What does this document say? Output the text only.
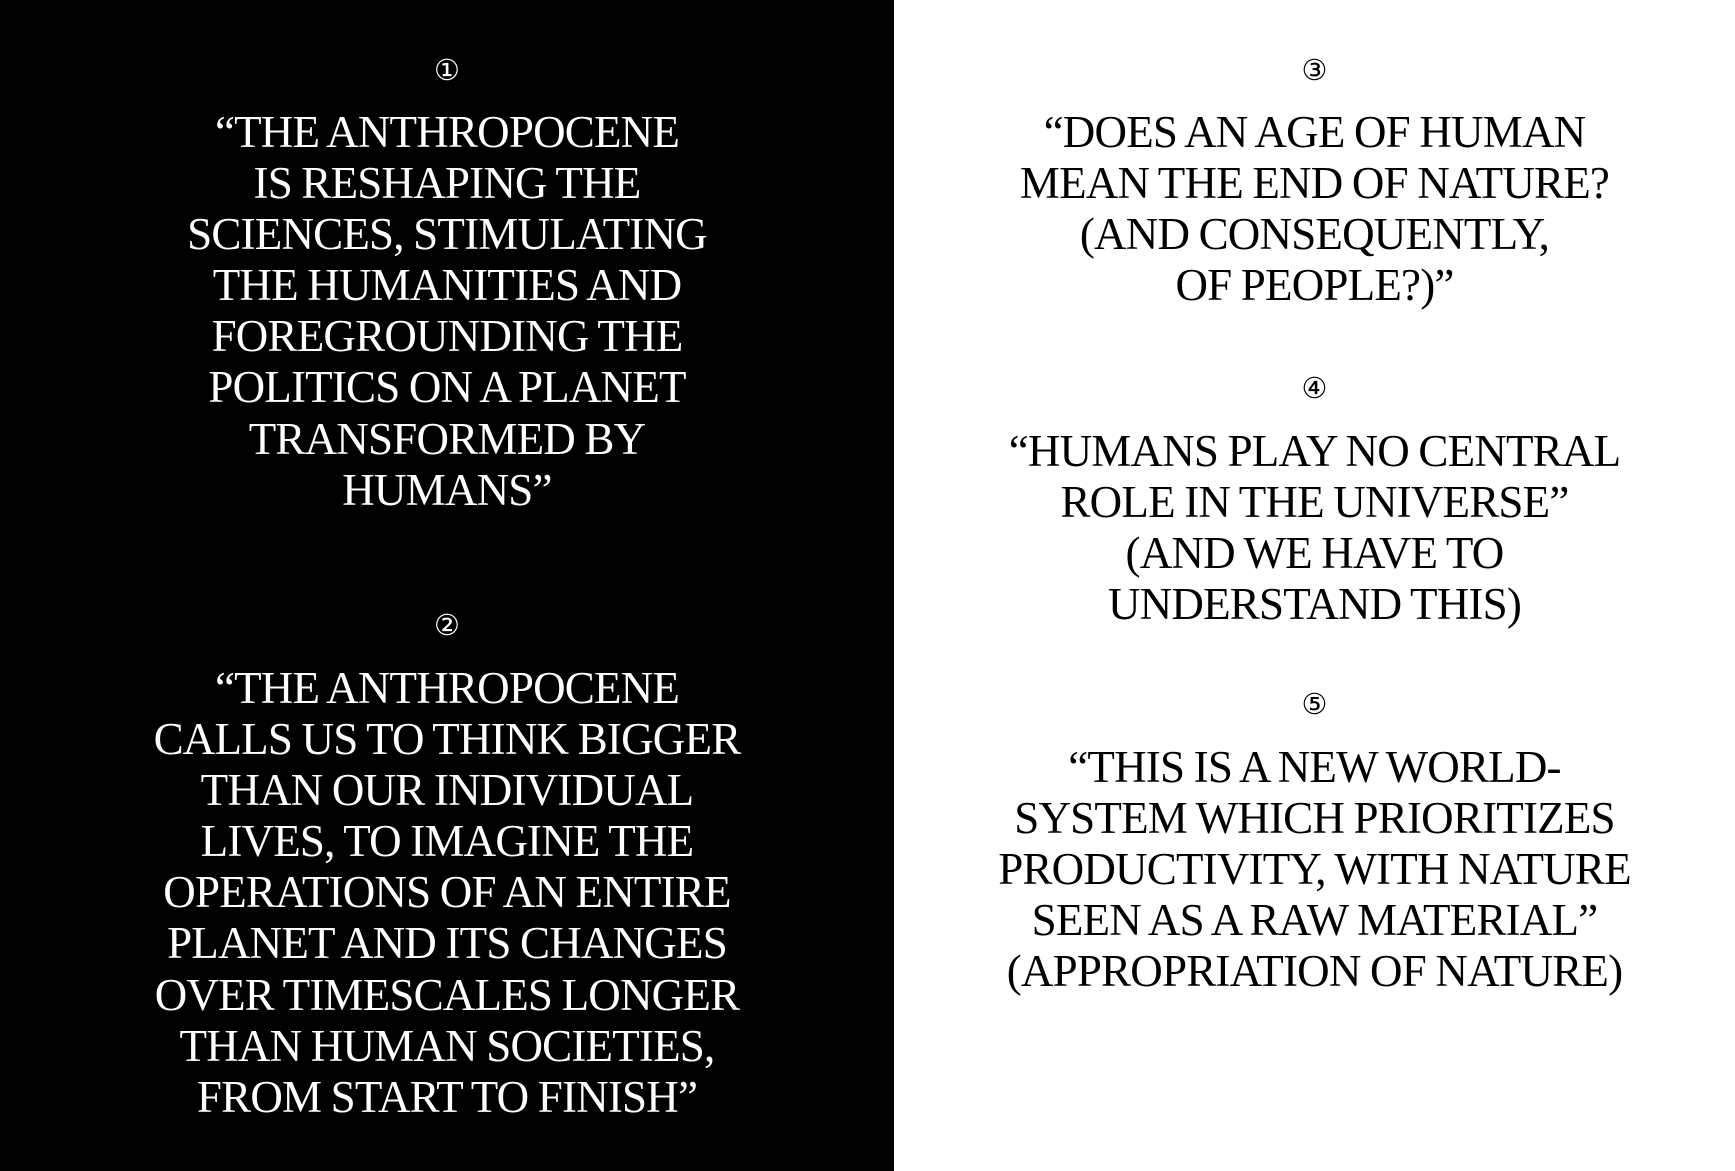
①

“THE ANTHROPOCENE
IS RESHAPING THE
SCIENCES, STIMULATING
THE HUMANITIES AND
FOREGROUNDING THE
POLITICS ON A PLANET
TRANSFORMED BY
HUMANS”

②

“THE ANTHROPOCENE
CALLS US TO THINK BIGGER
THAN OUR INDIVIDUAL
LIVES, TO IMAGINE THE
OPERATIONS OF AN ENTIRE
PLANET AND ITS CHANGES
OVER TIMESCALES LONGER
THAN HUMAN SOCIETIES,
FROM START TO FINISH”

③

“DOES AN AGE OF HUMAN
MEAN THE END OF NATURE?
(AND CONSEQUENTLY,
OF PEOPLE?)”

④

“HUMANS PLAY NO CENTRAL
ROLE IN THE UNIVERSE”
(AND WE HAVE TO
UNDERSTAND THIS)

⑤

“THIS IS A NEW WORLD-
SYSTEM WHICH PRIORITIZES
PRODUCTIVITY, WITH NATURE
SEEN AS A RAW MATERIAL”
(APPROPRIATION OF NATURE)
